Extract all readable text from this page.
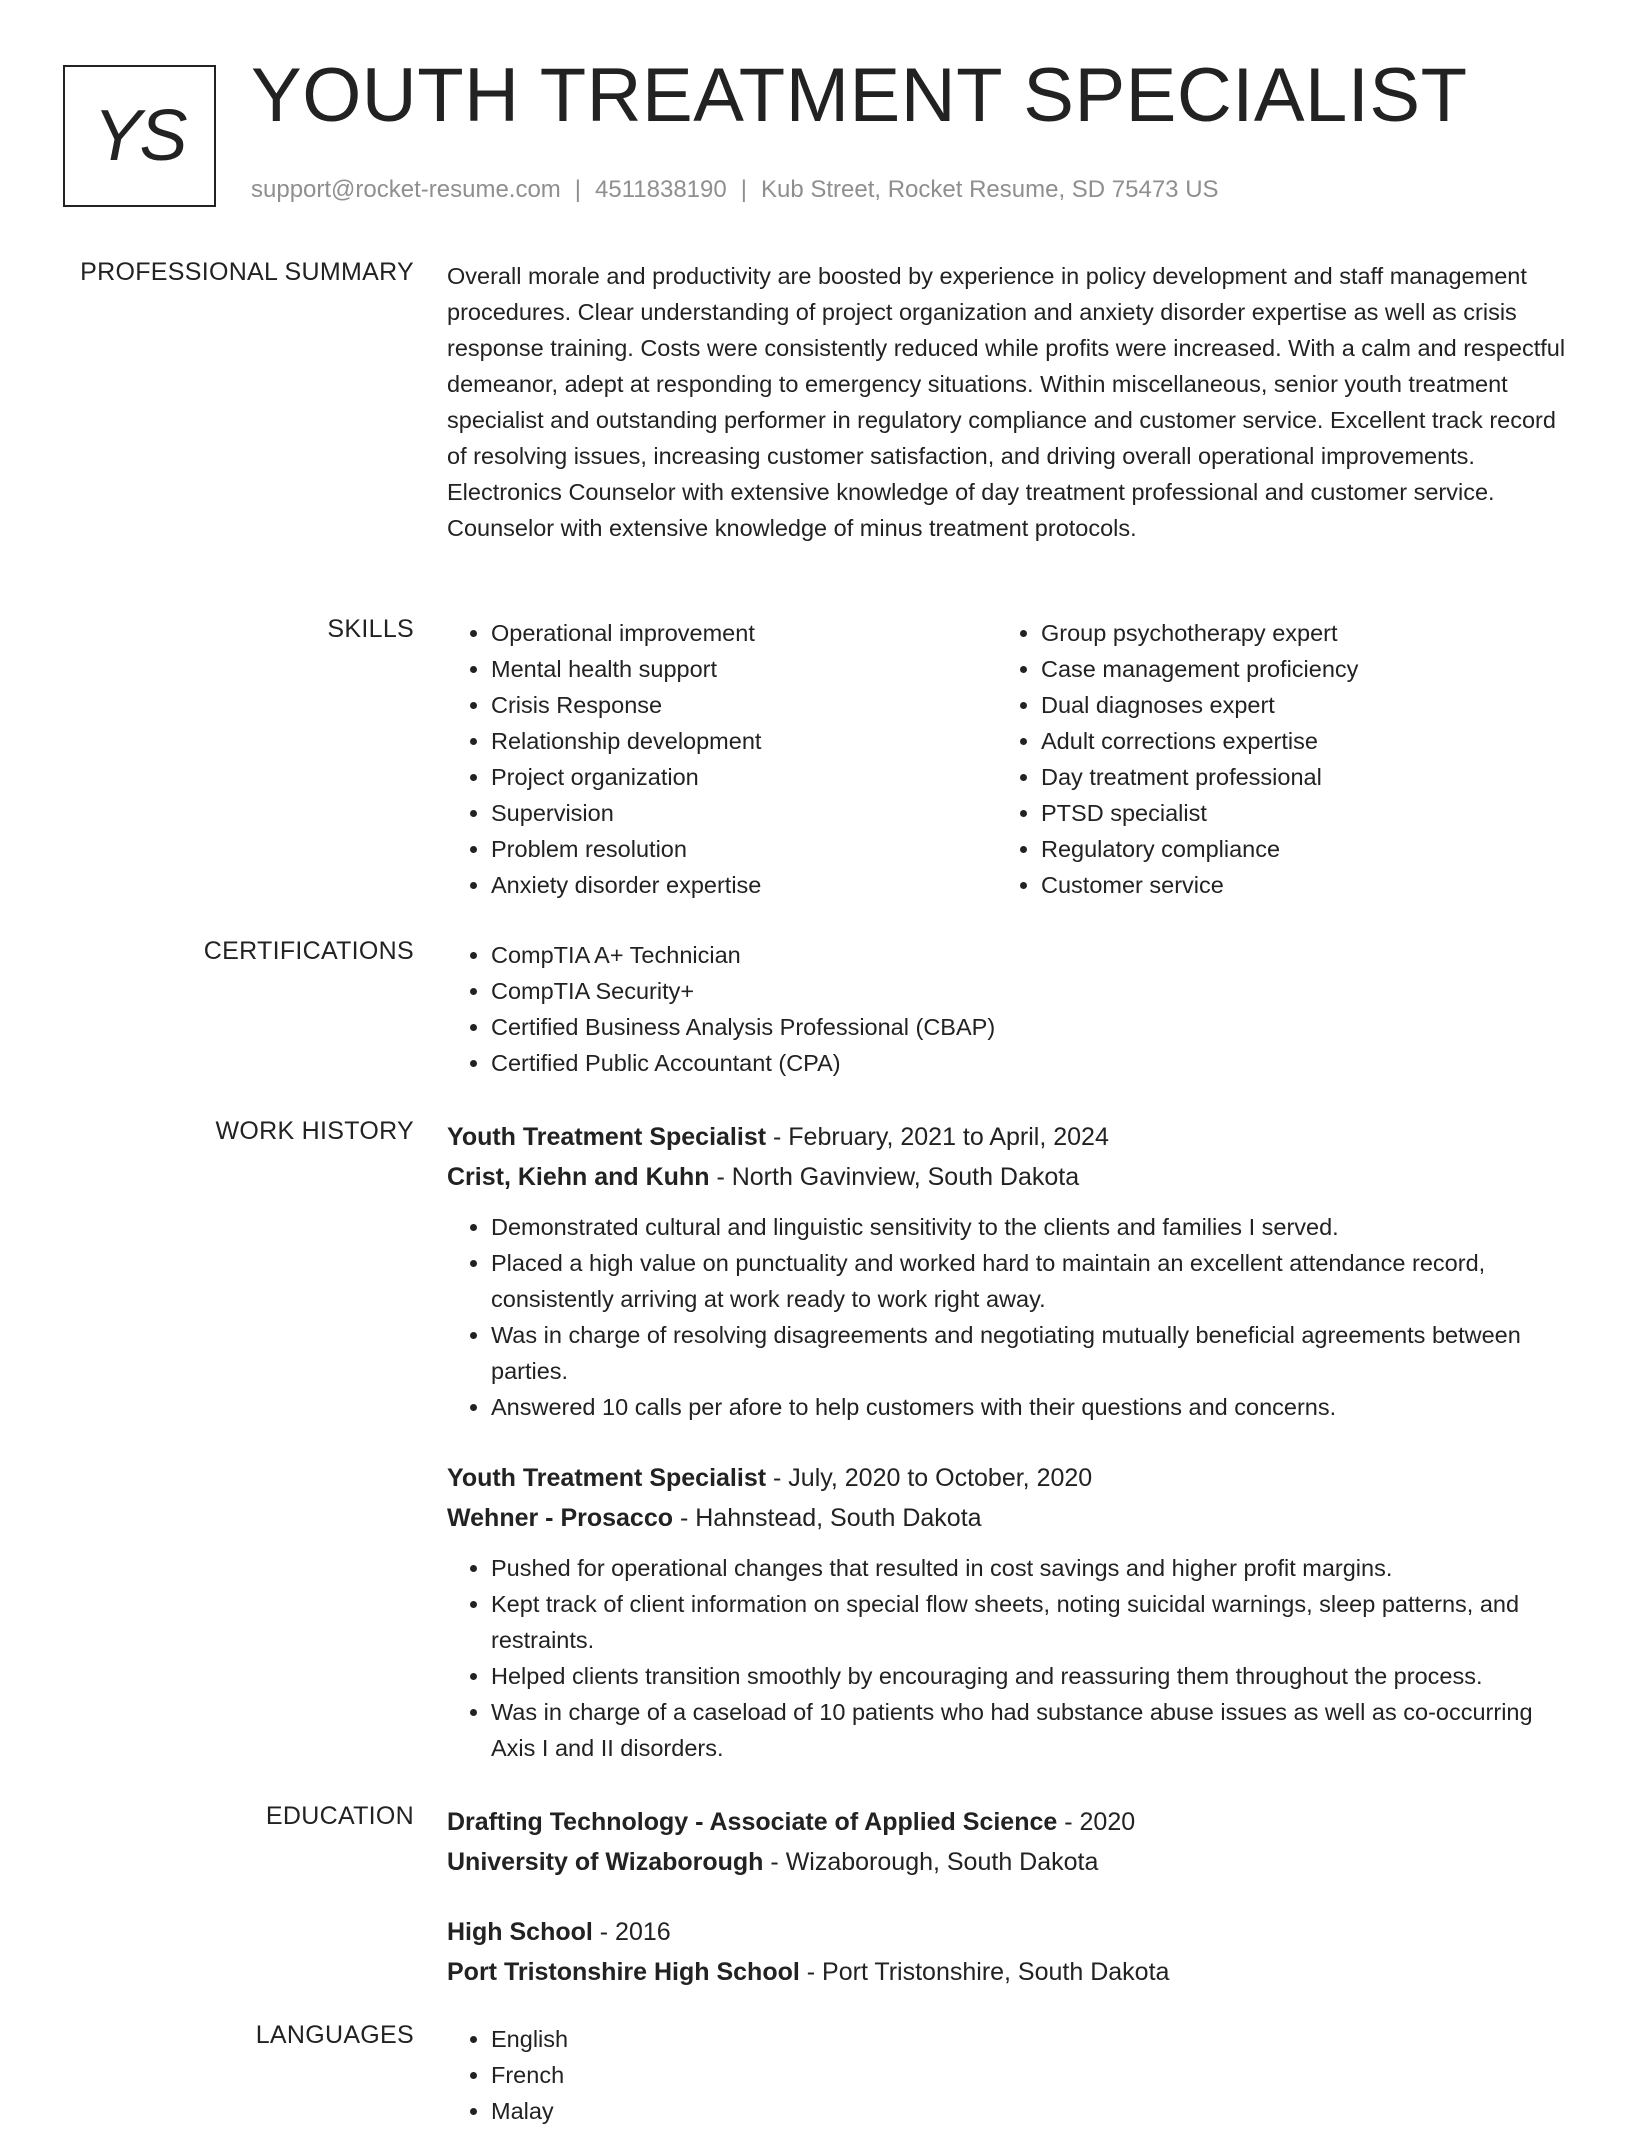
YS YOUTH TREATMENT SPECIALIST
support@rocket-resume.com | 4511838190 | Kub Street, Rocket Resume, SD 75473 US
PROFESSIONAL SUMMARY Overall morale and productivity are boosted by experience in policy development and staff management procedures. Clear understanding of project organization and anxiety disorder expertise as well as crisis response training. Costs were consistently reduced while profits were increased. With a calm and respectful demeanor, adept at responding to emergency situations. Within miscellaneous, senior youth treatment specialist and outstanding performer in regulatory compliance and customer service. Excellent track record of resolving issues, increasing customer satisfaction, and driving overall operational improvements. Electronics Counselor with extensive knowledge of day treatment professional and customer service. Counselor with extensive knowledge of minus treatment protocols.

SKILLS	• Operational improvement
• Mental health support
• Crisis Response
• Relationship development
• Project organization
• Supervision
• Problem resolution
• Anxiety disorder expertise
• Group psychotherapy expert
• Case management proficiency
• Dual diagnoses expert
• Adult corrections expertise
• Day treatment professional
• PTSD specialist
• Regulatory compliance
• Customer service
CERTIFICATIONS	• CompTIA A+ Technician
• CompTIA Security+
• Certified Business Analysis Professional (CBAP)
• Certified Public Accountant (CPA)
WORK HISTORY Youth Treatment Specialist - February, 2021 to April, 2024
Crist, Kiehn and Kuhn - North Gavinview, South Dakota
• Demonstrated cultural and linguistic sensitivity to the clients and families I served.
• Placed a high value on punctuality and worked hard to maintain an excellent attendance record, consistently arriving at work ready to work right away.
• Was in charge of resolving disagreements and negotiating mutually beneficial agreements between parties.
• Answered 10 calls per afore to help customers with their questions and concerns.
Youth Treatment Specialist - July, 2020 to October, 2020
Wehner - Prosacco - Hahnstead, South Dakota
• Pushed for operational changes that resulted in cost savings and higher profit margins.
• Kept track of client information on special flow sheets, noting suicidal warnings, sleep patterns, and restraints.
• Helped clients transition smoothly by encouraging and reassuring them throughout the process.
• Was in charge of a caseload of 10 patients who had substance abuse issues as well as co-occurring Axis I and II disorders.
EDUCATION Drafting Technology - Associate of Applied Science - 2020
University of Wizaborough - Wizaborough, South Dakota
High School - 2016
Port Tristonshire High School - Port Tristonshire, South Dakota
LANGUAGES	• English
• French
• Malay
